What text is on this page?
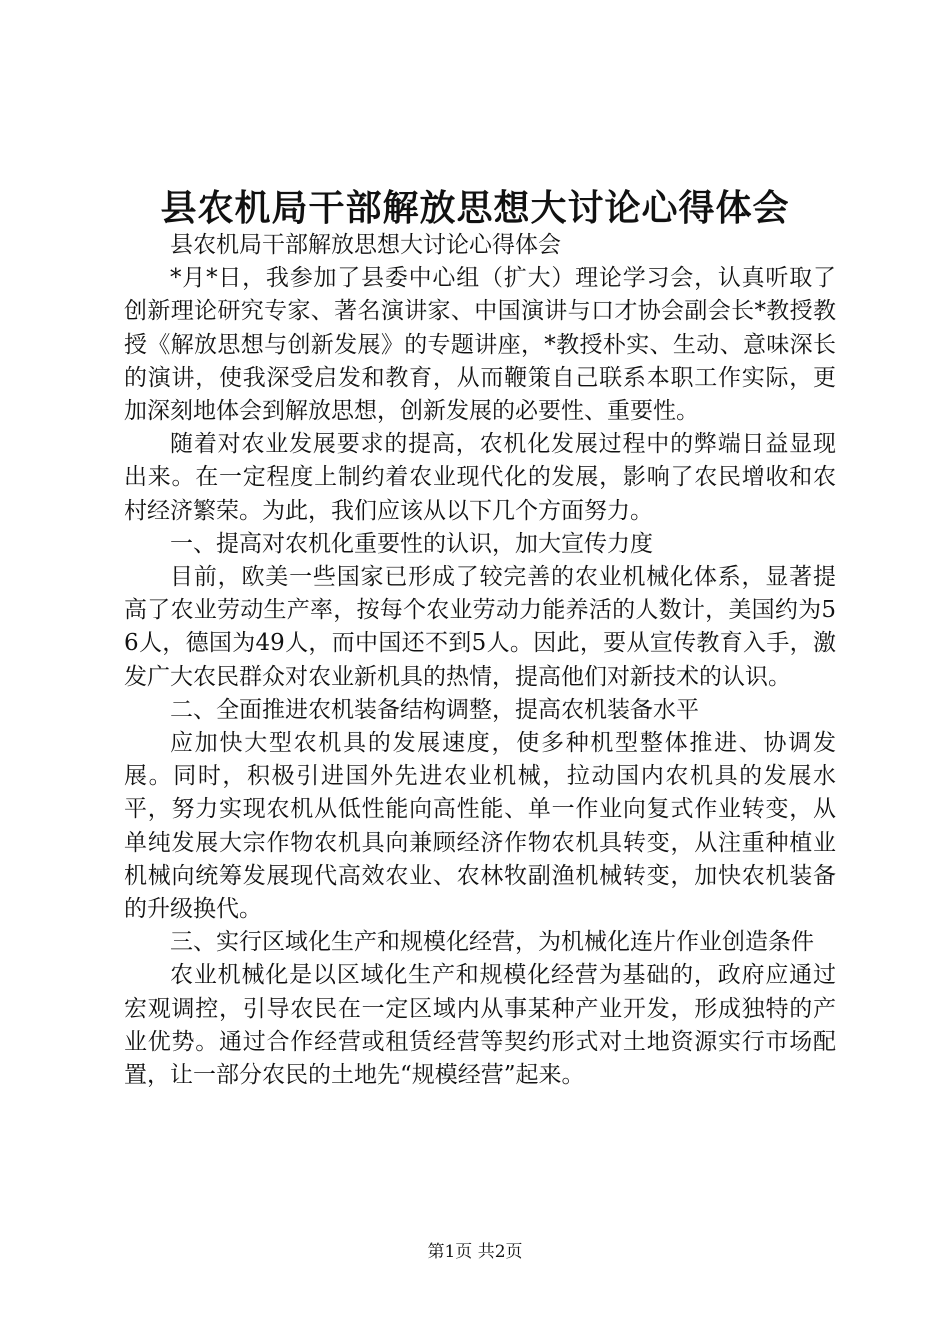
县农机局干部解放思想大讨论心得体会

县农机局干部解放思想大讨论心得体会

*月*日，我参加了县委中心组（扩大）理论学习会，认真听取了创新理论研究专家、著名演讲家、中国演讲与口才协会副会长*教授教授《解放思想与创新发展》的专题讲座，*教授朴实、生动、意味深长的演讲，使我深受启发和教育，从而鞭策自己联系本职工作实际，更加深刻地体会到解放思想，创新发展的必要性、重要性。

随着对农业发展要求的提高，农机化发展过程中的弊端日益显现出来。在一定程度上制约着农业现代化的发展，影响了农民增收和农村经济繁荣。为此，我们应该从以下几个方面努力。

一、提高对农机化重要性的认识，加大宣传力度

目前，欧美一些国家已形成了较完善的农业机械化体系，显著提高了农业劳动生产率，按每个农业劳动力能养活的人数计，美国约为56人，德国为49人，而中国还不到5人。因此，要从宣传教育入手，激发广大农民群众对农业新机具的热情，提高他们对新技术的认识。

二、全面推进农机装备结构调整，提高农机装备水平

应加快大型农机具的发展速度，使多种机型整体推进、协调发展。同时，积极引进国外先进农业机械，拉动国内农机具的发展水平，努力实现农机从低性能向高性能、单一作业向复式作业转变，从单纯发展大宗作物农机具向兼顾经济作物农机具转变，从注重种植业机械向统筹发展现代高效农业、农林牧副渔机械转变，加快农机装备的升级换代。

三、实行区域化生产和规模化经营，为机械化连片作业创造条件

农业机械化是以区域化生产和规模化经营为基础的，政府应通过宏观调控，引导农民在一定区域内从事某种产业开发，形成独特的产业优势。通过合作经营或租赁经营等契约形式对土地资源实行市场配置，让一部分农民的土地先“规模经营”起来。

第1页 共2页
